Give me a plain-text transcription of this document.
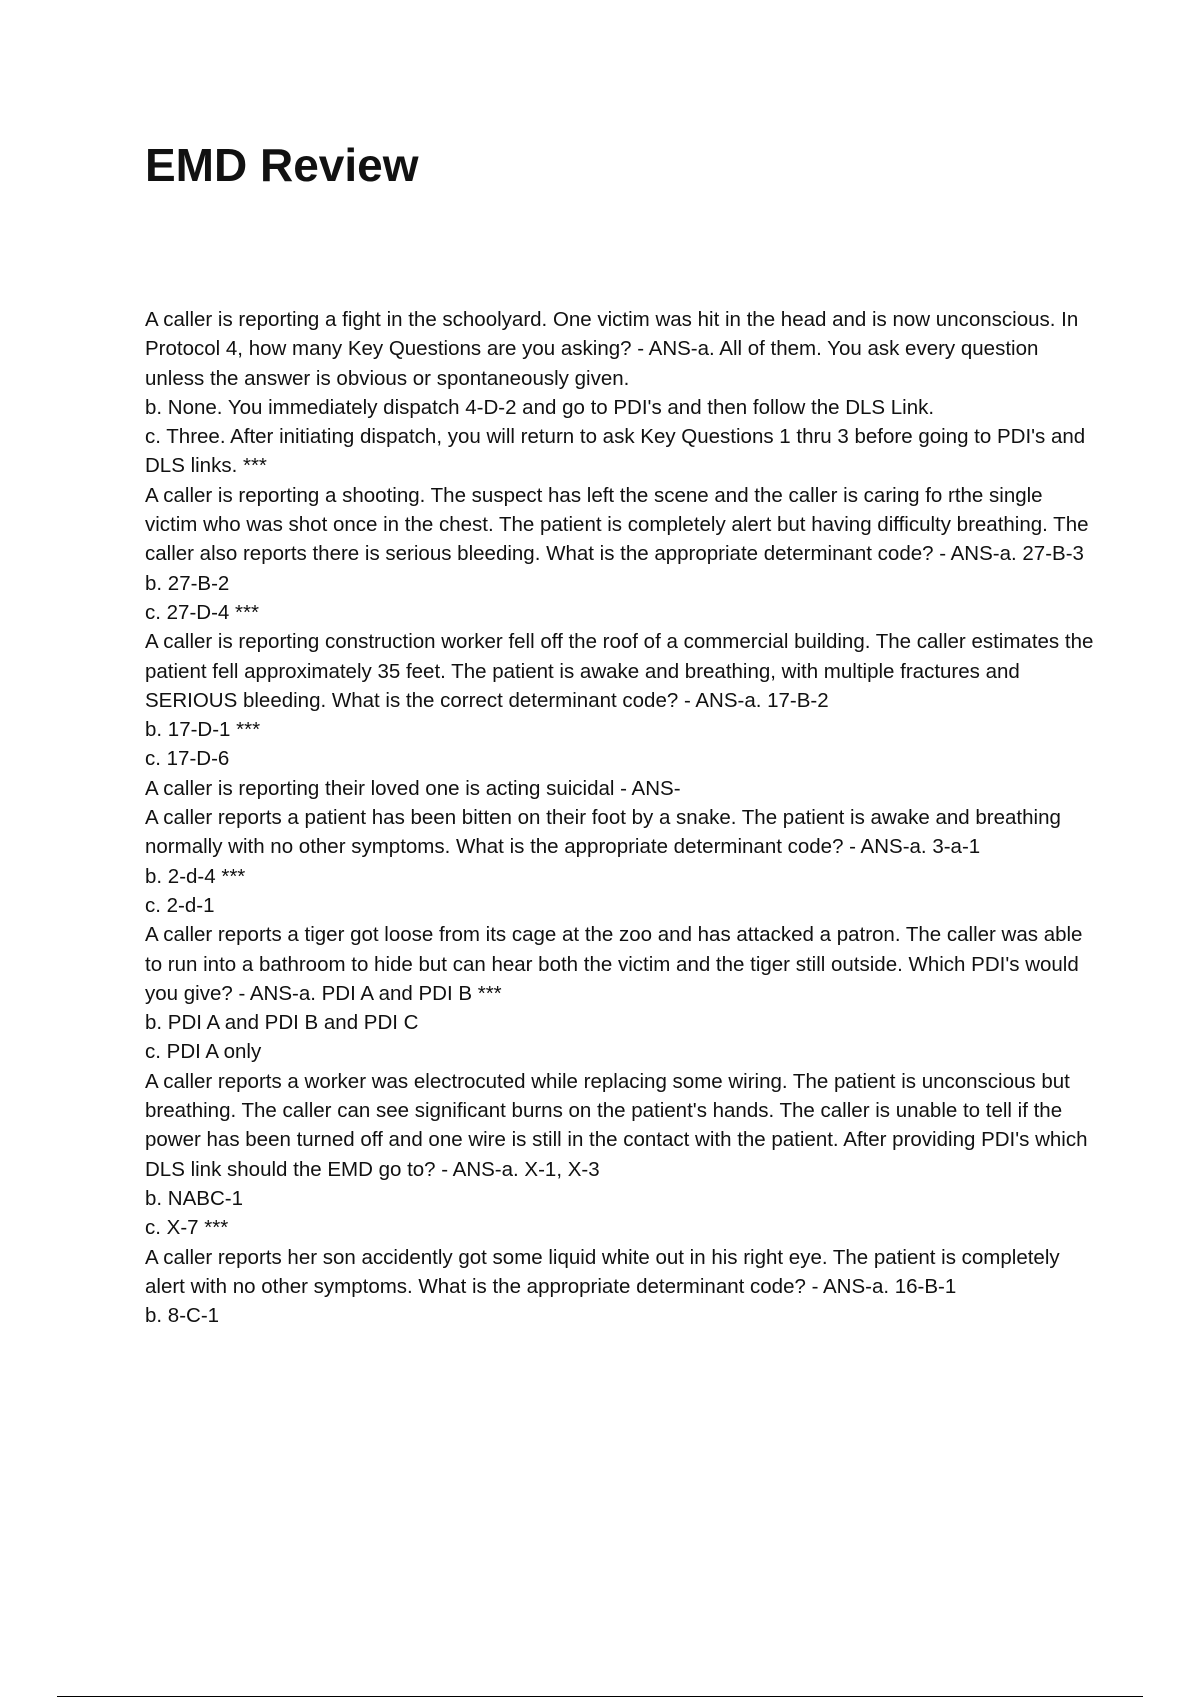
EMD Review

A caller is reporting a fight in the schoolyard. One victim was hit in the head and is now unconscious. In Protocol 4, how many Key Questions are you asking? - ANS-a. All of them. You ask every question unless the answer is obvious or spontaneously given.

b. None. You immediately dispatch 4-D-2 and go to PDI's and then follow the DLS Link.

c. Three. After initiating dispatch, you will return to ask Key Questions 1 thru 3 before going to PDI's and DLS links. ***

A caller is reporting a shooting. The suspect has left the scene and the caller is caring fo rthe single victim who was shot once in the chest. The patient is completely alert but having difficulty breathing. The caller also reports there is serious bleeding. What is the appropriate determinant code? - ANS-a. 27-B-3

b. 27-B-2

c. 27-D-4 ***

A caller is reporting construction worker fell off the roof of a commercial building. The caller estimates the patient fell approximately 35 feet. The patient is awake and breathing, with multiple fractures and SERIOUS bleeding. What is the correct determinant code? - ANS-a. 17-B-2

b. 17-D-1 ***

c. 17-D-6

A caller is reporting their loved one is acting suicidal - ANS-

A caller reports a patient has been bitten on their foot by a snake. The patient is awake and breathing normally with no other symptoms. What is the appropriate determinant code? - ANS-a. 3-a-1

b. 2-d-4 ***

c. 2-d-1

A caller reports a tiger got loose from its cage at the zoo and has attacked a patron. The caller was able to run into a bathroom to hide but can hear both the victim and the tiger still outside. Which PDI's would you give? - ANS-a. PDI A and PDI B ***

b. PDI A and PDI B and PDI C

c. PDI A only

A caller reports a worker was electrocuted while replacing some wiring. The patient is unconscious but breathing. The caller can see significant burns on the patient's hands. The caller is unable to tell if the power has been turned off and one wire is still in the contact with the patient. After providing PDI's which DLS link should the EMD go to? - ANS-a. X-1, X-3

b. NABC-1

c. X-7 ***

A caller reports her son accidently got some liquid white out in his right eye. The patient is completely alert with no other symptoms. What is the appropriate determinant code? - ANS-a. 16-B-1

b. 8-C-1
